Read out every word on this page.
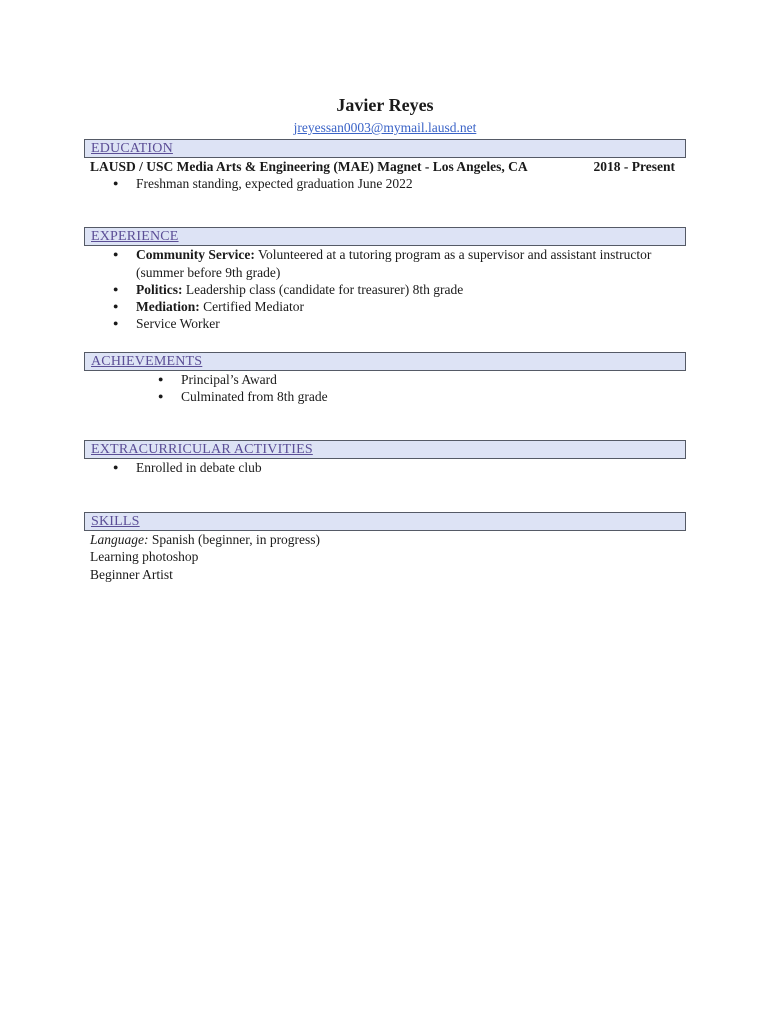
Javier Reyes
jreyessan0003@mymail.lausd.net
EDUCATION
LAUSD / USC Media Arts & Engineering (MAE) Magnet - Los Angeles, CA	2018 - Present
● Freshman standing, expected graduation June 2022
EXPERIENCE
● Community Service: Volunteered at a tutoring program as a supervisor and assistant instructor (summer before 9th grade)
● Politics: Leadership class (candidate for treasurer) 8th grade
● Mediation: Certified Mediator
● Service Worker
ACHIEVEMENTS
● Principal’s Award
● Culminated from 8th grade
EXTRACURRICULAR ACTIVITIES
● Enrolled in debate club
SKILLS
Language: Spanish (beginner, in progress)
Learning photoshop
Beginner Artist
